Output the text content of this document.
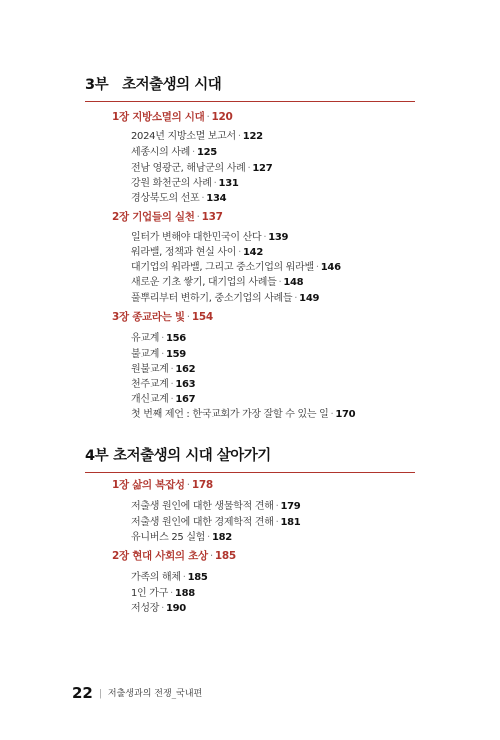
3부 초저출생의 시대
1장 지방소멸의 시대 · 120
2024년 지방소멸 보고서 · 122
세종시의 사례 · 125
전남 영광군, 해남군의 사례 · 127
강원 화천군의 사례 · 131
경상북도의 선포 · 134
2장 기업들의 실천 · 137
일터가 변해야 대한민국이 산다 · 139
워라밸, 정책과 현실 사이 · 142
대기업의 워라밸, 그리고 중소기업의 워라밸 · 146
새로운 기초 쌓기, 대기업의 사례들 · 148
풀뿌리부터 변하기, 중소기업의 사례들 · 149
3장 종교라는 빛 · 154
유교계 · 156
불교계 · 159
원불교계 · 162
천주교계 · 163
개신교계 · 167
첫 번째 제언 : 한국교회가 가장 잘할 수 있는 일 · 170
4부 초저출생의 시대 살아가기
1장 삶의 복잡성 · 178
저출생 원인에 대한 생물학적 견해 · 179
저출생 원인에 대한 경제학적 견해 · 181
유니버스 25 실험 · 182
2장 현대 사회의 초상 · 185
가족의 해체 · 185
1인 가구 · 188
저성장 · 190
22 | 저출생과의 전쟁_국내편
